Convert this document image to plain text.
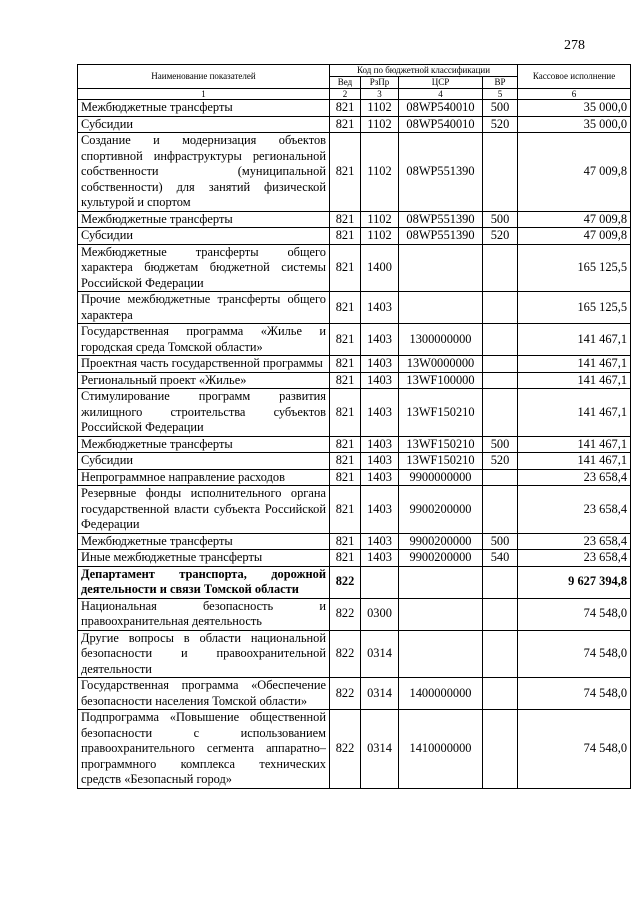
278
Наименование показателей	Код по бюджетной классификации				Кассовое исполнение
	Вед	РзПр	ЦСР	ВР	
1	2	3	4	5	6
Межбюджетные трансферты	821	1102	08WP540010	500	35 000,0
Субсидии	821	1102	08WP540010	520	35 000,0
Создание и модернизация объектов спортивной инфраструктуры региональной собственности (муниципальной собственности) для занятий физической культурой и спортом	821	1102	08WP551390		47 009,8
Межбюджетные трансферты	821	1102	08WP551390	500	47 009,8
Субсидии	821	1102	08WP551390	520	47 009,8
Межбюджетные трансферты общего характера бюджетам бюджетной системы Российской Федерации	821	1400			165 125,5
Прочие межбюджетные трансферты общего характера	821	1403			165 125,5
Государственная программа «Жилье и городская среда Томской области»	821	1403	1300000000		141 467,1
Проектная часть государственной программы	821	1403	13W0000000		141 467,1
Региональный проект «Жилье»	821	1403	13WF100000		141 467,1
Стимулирование программ развития жилищного строительства субъектов Российской Федерации	821	1403	13WF150210		141 467,1
Межбюджетные трансферты	821	1403	13WF150210	500	141 467,1
Субсидии	821	1403	13WF150210	520	141 467,1
Непрограммное направление расходов	821	1403	9900000000		23 658,4
Резервные фонды исполнительного органа государственной власти субъекта Российской Федерации	821	1403	9900200000		23 658,4
Межбюджетные трансферты	821	1403	9900200000	500	23 658,4
Иные межбюджетные трансферты	821	1403	9900200000	540	23 658,4
Департамент транспорта, дорожной деятельности и связи Томской области	822				9 627 394,8
Национальная безопасность и правоохранительная деятельность	822	0300			74 548,0
Другие вопросы в области национальной безопасности и правоохранительной деятельности	822	0314			74 548,0
Государственная программа «Обеспечение безопасности населения Томской области»	822	0314	1400000000		74 548,0
Подпрограмма «Повышение общественной безопасности с использованием правоохранительного сегмента аппаратно–программного комплекса технических средств «Безопасный город»	822	0314	1410000000		74 548,0
